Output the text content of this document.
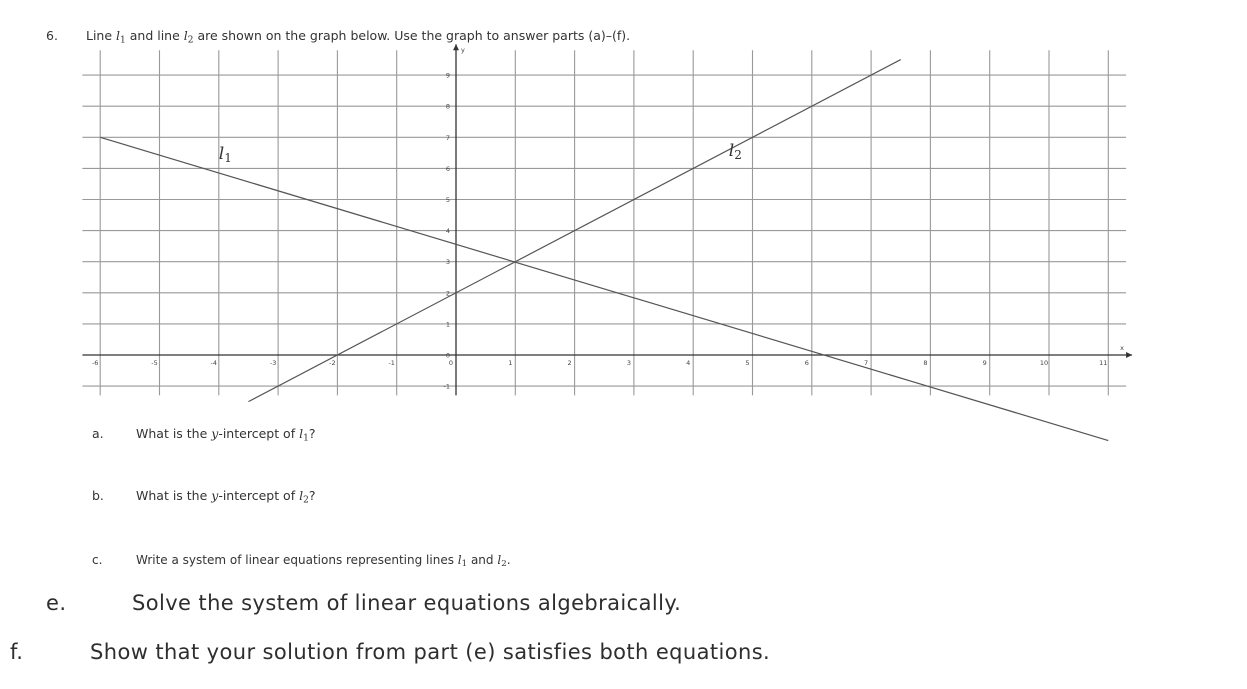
6. Line $l_1$ and line $l_2$ are shown on the graph below. Use the graph to answer parts (a)–(f).
-6	-5	-4	-3	-2	-1	0	1	2	3	4	5	6	7	8	9	10	11
-1
0
1
2
3
4
5
6
7
8
9
x
y
l1	l2
a.	What is the y-intercept of $l_1$?
b.	What is the y-intercept of $l_2$?
c.	Write a system of linear equations representing lines $l_1$ and $l_2$.
e.	Solve the system of linear equations algebraically.
f.	Show that your solution from part (e) satisfies both equations.
